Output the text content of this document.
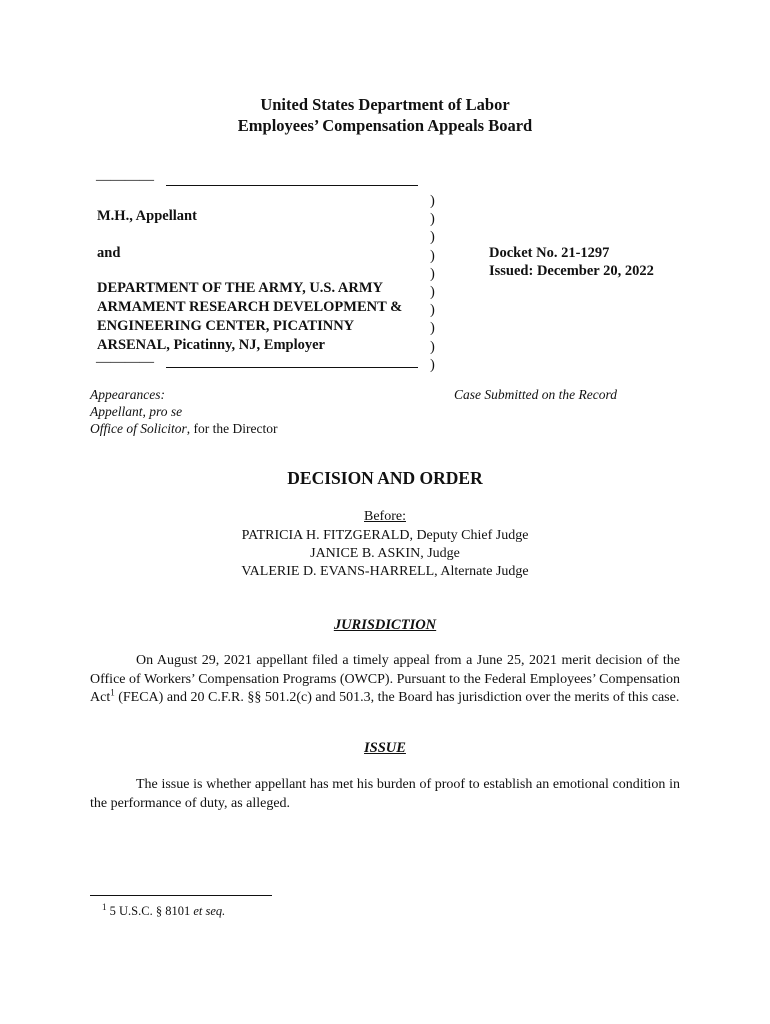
United States Department of Labor
Employees’ Compensation Appeals Board
————
M.H., Appellant
and
DEPARTMENT OF THE ARMY, U.S. ARMY
ARMAMENT RESEARCH DEVELOPMENT &
ENGINEERING CENTER, PICATINNY
ARSENAL, Picatinny, NJ, Employer
————
)
)
)
)
)
)
)
)
)
)
Docket No. 21-1297
Issued: December 20, 2022
Appearances:
Appellant, pro se
Office of Solicitor, for the Director
Case Submitted on the Record
DECISION AND ORDER
Before:
PATRICIA H. FITZGERALD, Deputy Chief Judge
JANICE B. ASKIN, Judge
VALERIE D. EVANS-HARRELL, Alternate Judge
JURISDICTION
On August 29, 2021 appellant filed a timely appeal from a June 25, 2021 merit decision of the Office of Workers’ Compensation Programs (OWCP). Pursuant to the Federal Employees’ Compensation Act$^1$ (FECA) and 20 C.F.R. §§ 501.2(c) and 501.3, the Board has jurisdiction over the merits of this case.
ISSUE
The issue is whether appellant has met his burden of proof to establish an emotional condition in the performance of duty, as alleged.
$^1$ 5 U.S.C. § 8101 et seq.
